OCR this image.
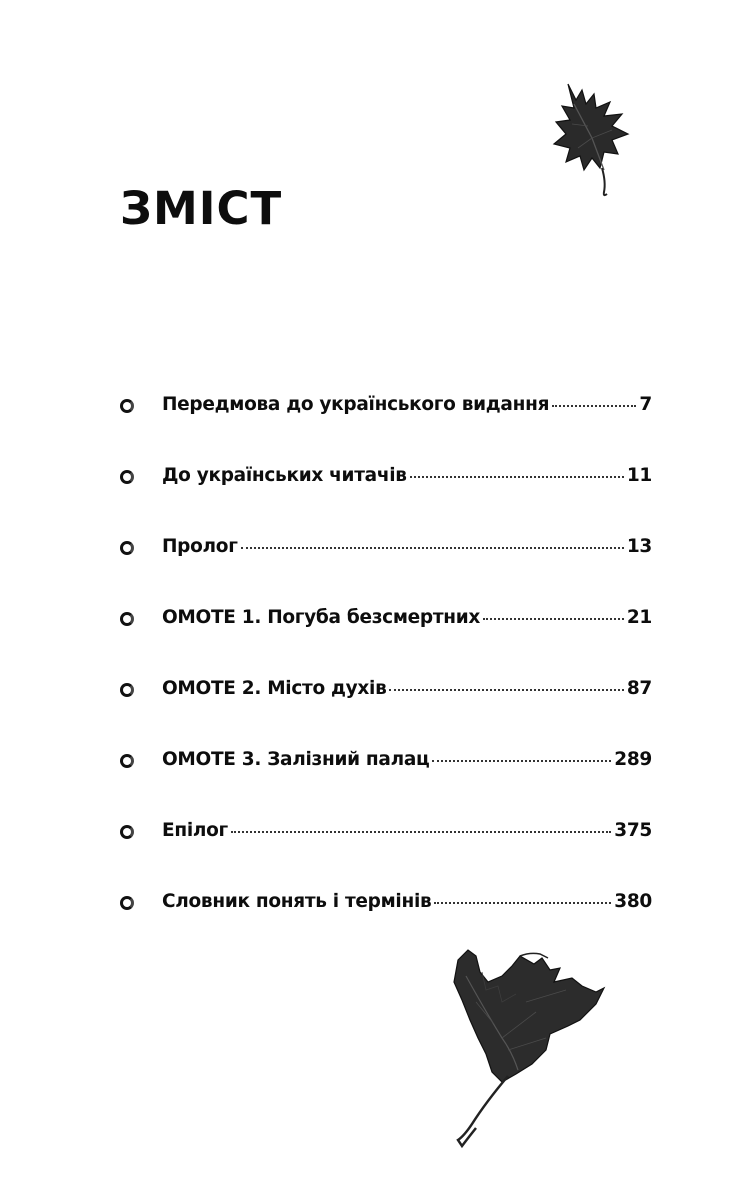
ЗМІСТ
Передмова до українського видання	7
До українських читачів	11
Пролог	13
OMOTE 1. Погуба безсмертних	21
OMOTE 2. Місто духів	87
OMOTE 3. Залізний палац	289
Епілог	375
Словник понять і термінів	380
